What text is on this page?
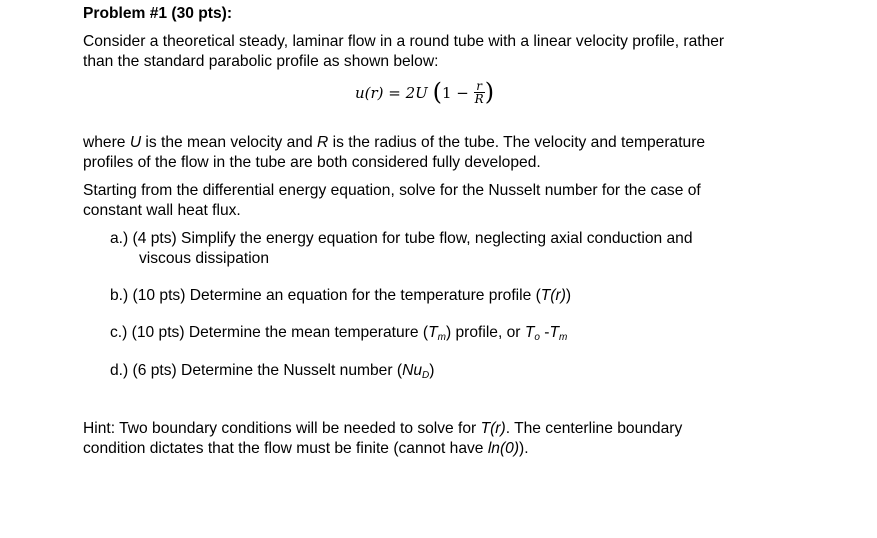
Problem #1 (30 pts):
Consider a theoretical steady, laminar flow in a round tube with a linear velocity profile, rather
than the standard parabolic profile as shown below:
u(r) = 2U ($1 - \frac{r}{R}$ )
where U is the mean velocity and R is the radius of the tube. The velocity and temperature
profiles of the flow in the tube are both considered fully developed.
Starting from the differential energy equation, solve for the Nusselt number for the case of
constant wall heat flux.
a.) (4 pts) Simplify the energy equation for tube flow, neglecting axial conduction and
viscous dissipation
b.) (10 pts) Determine an equation for the temperature profile (T(r))
c.) (10 pts) Determine the mean temperature $(T_m)$ profile, or $T_o$ $-T_m$
d.) (6 pts) Determine the Nusselt number $(Nu_D)$
Hint: Two boundary conditions will be needed to solve for T(r). The centerline boundary
condition dictates that the flow must be finite (cannot have ln(0)).
